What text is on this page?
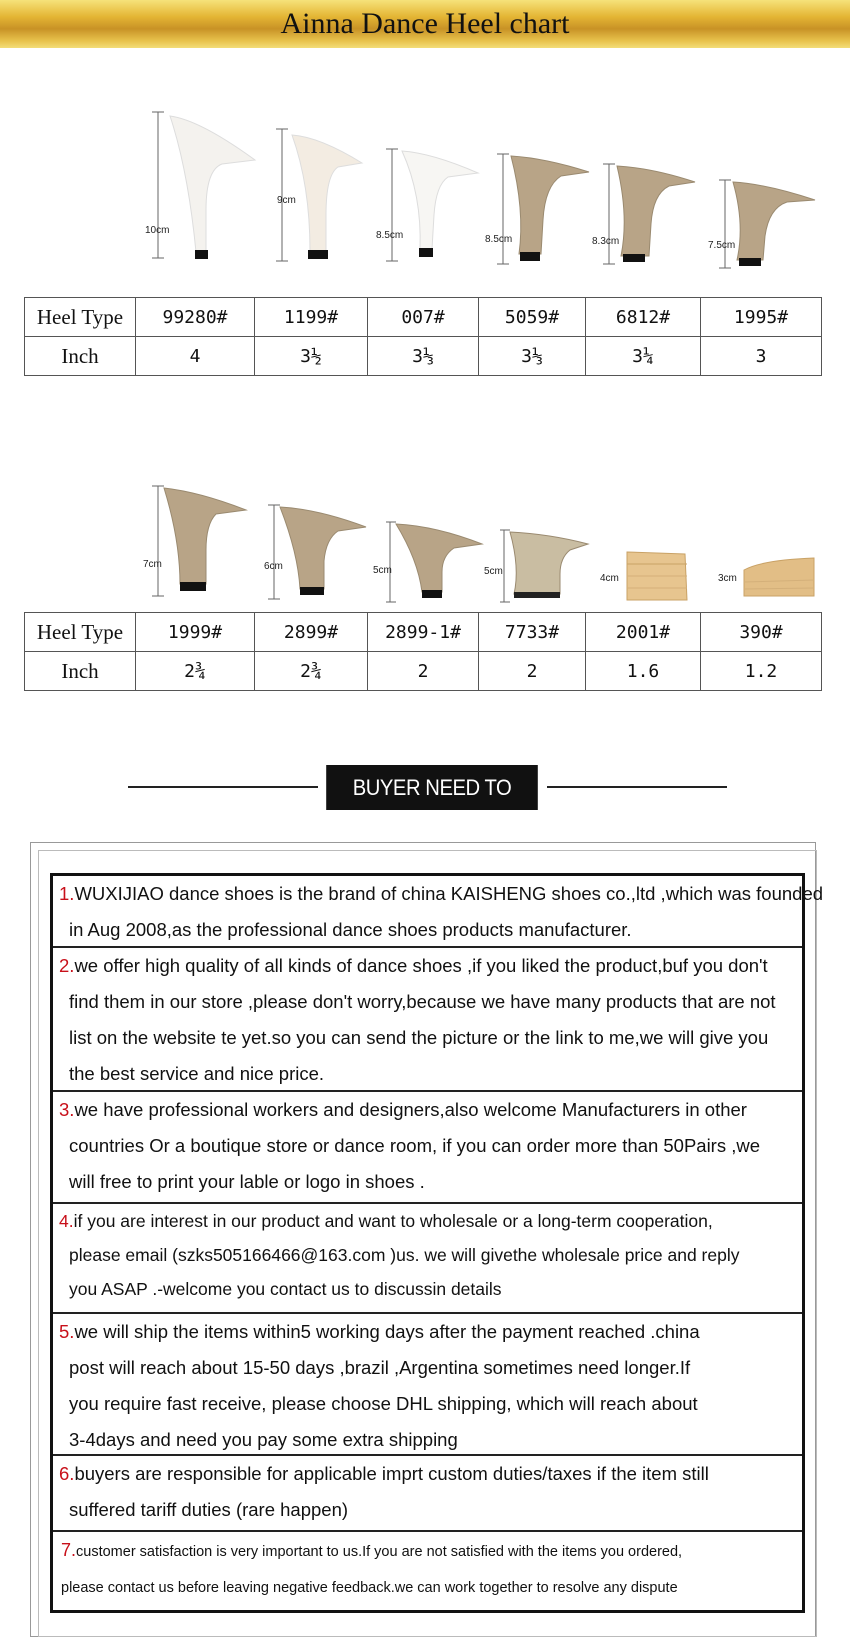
Ainna Dance Heel chart
10cm
9cm
8.5cm	8.5cm	8.3cm	7.5cm
Heel Type	99280#	1199#	007#	5059#	6812#	1995#
Inch	4	3½	3⅓	3⅓	3¼	3
7cm	6cm	5cm	5cm
4cm	3cm
Heel Type	1999#	2899#	2899-1#	7733#	2001#	390#
Inch	2¾	2¾	2	2	1.6	1.2
BUYER NEED TO KNOW
1.WUXIJIAO dance shoes is the brand of china KAISHENG shoes co.,ltd ,which was founded
in Aug 2008,as the professional dance shoes products manufacturer.
2.we offer high quality of all kinds of dance shoes ,if you liked the product,buf you don't
find them in our store ,please don't worry,because we have many products that are not
list on the website te yet.so you can send the picture or the link to me,we will give you
the best service and nice price.
3.we have professional workers and designers,also welcome Manufacturers in other
countries Or a boutique store or dance room, if you can order more than 50Pairs ,we
will free to print your lable or logo in shoes .
4.if you are interest in our product and want to wholesale or a long-term cooperation,
please email (szks505166466@163.com )us. we will givethe wholesale price and reply
you ASAP .-welcome you contact us to discussin details
5.we will ship the items within5 working days after the payment reached .china
post will reach about 15-50 days ,brazil ,Argentina sometimes need longer.If
you require fast receive, please choose DHL shipping, which will reach about
3-4days and need you pay some extra shipping
6.buyers are responsible for applicable imprt custom duties/taxes if the item still
suffered tariff duties (rare happen)
7.customer satisfaction is very important to us.If you are not satisfied with the items you ordered,
please contact us before leaving negative feedback.we can work together to resolve any dispute
